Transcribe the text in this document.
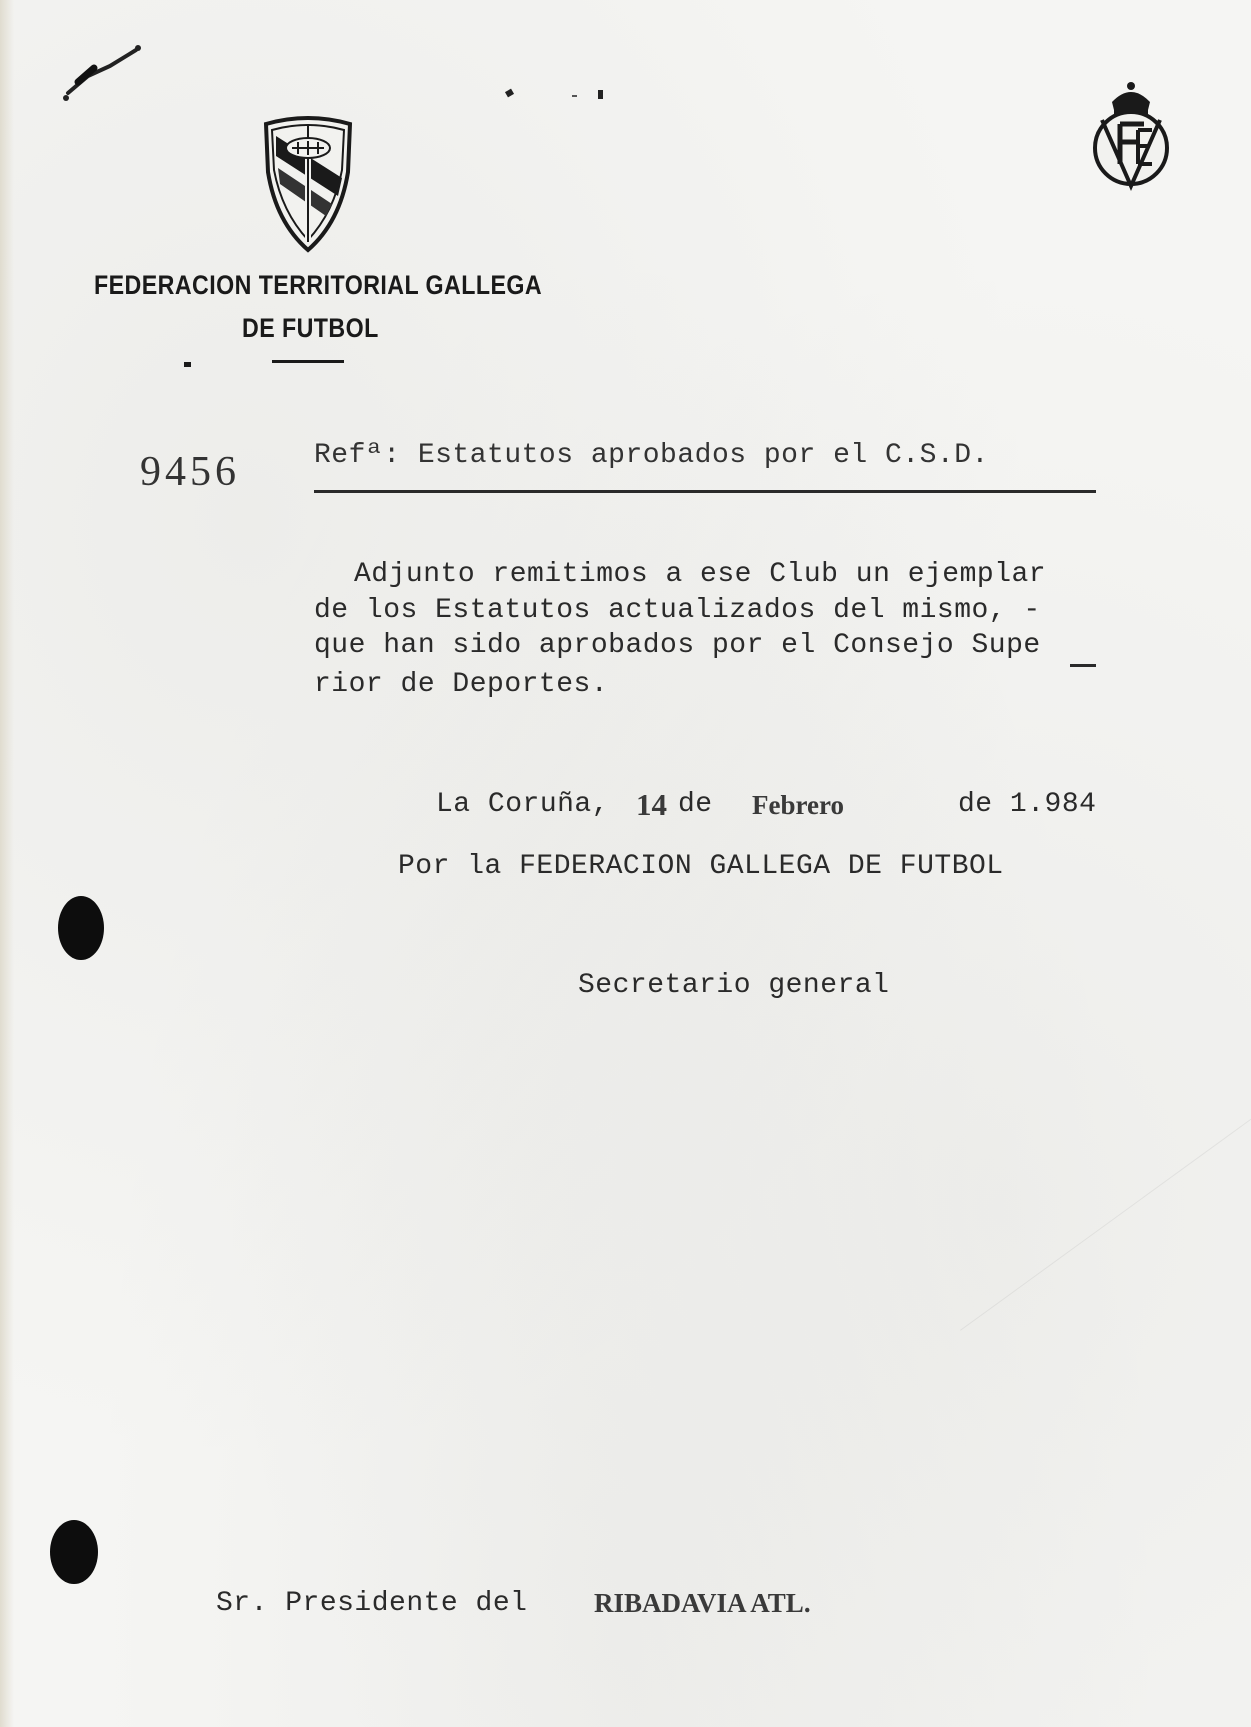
FEDERACION TERRITORIAL GALLEGA
DE FUTBOL
9456	Refª: Estatutos aprobados por el C.S.D.
Adjunto remitimos a ese Club un ejemplar
de los Estatutos actualizados del mismo, -
que han sido aprobados por el Consejo Supe
rior de Deportes.
La Coruña, 14 de Febrero	de 1.984
Por la FEDERACION GALLEGA DE FUTBOL
Secretario general
Sr. Presidente del RIBADAVIA ATL.
